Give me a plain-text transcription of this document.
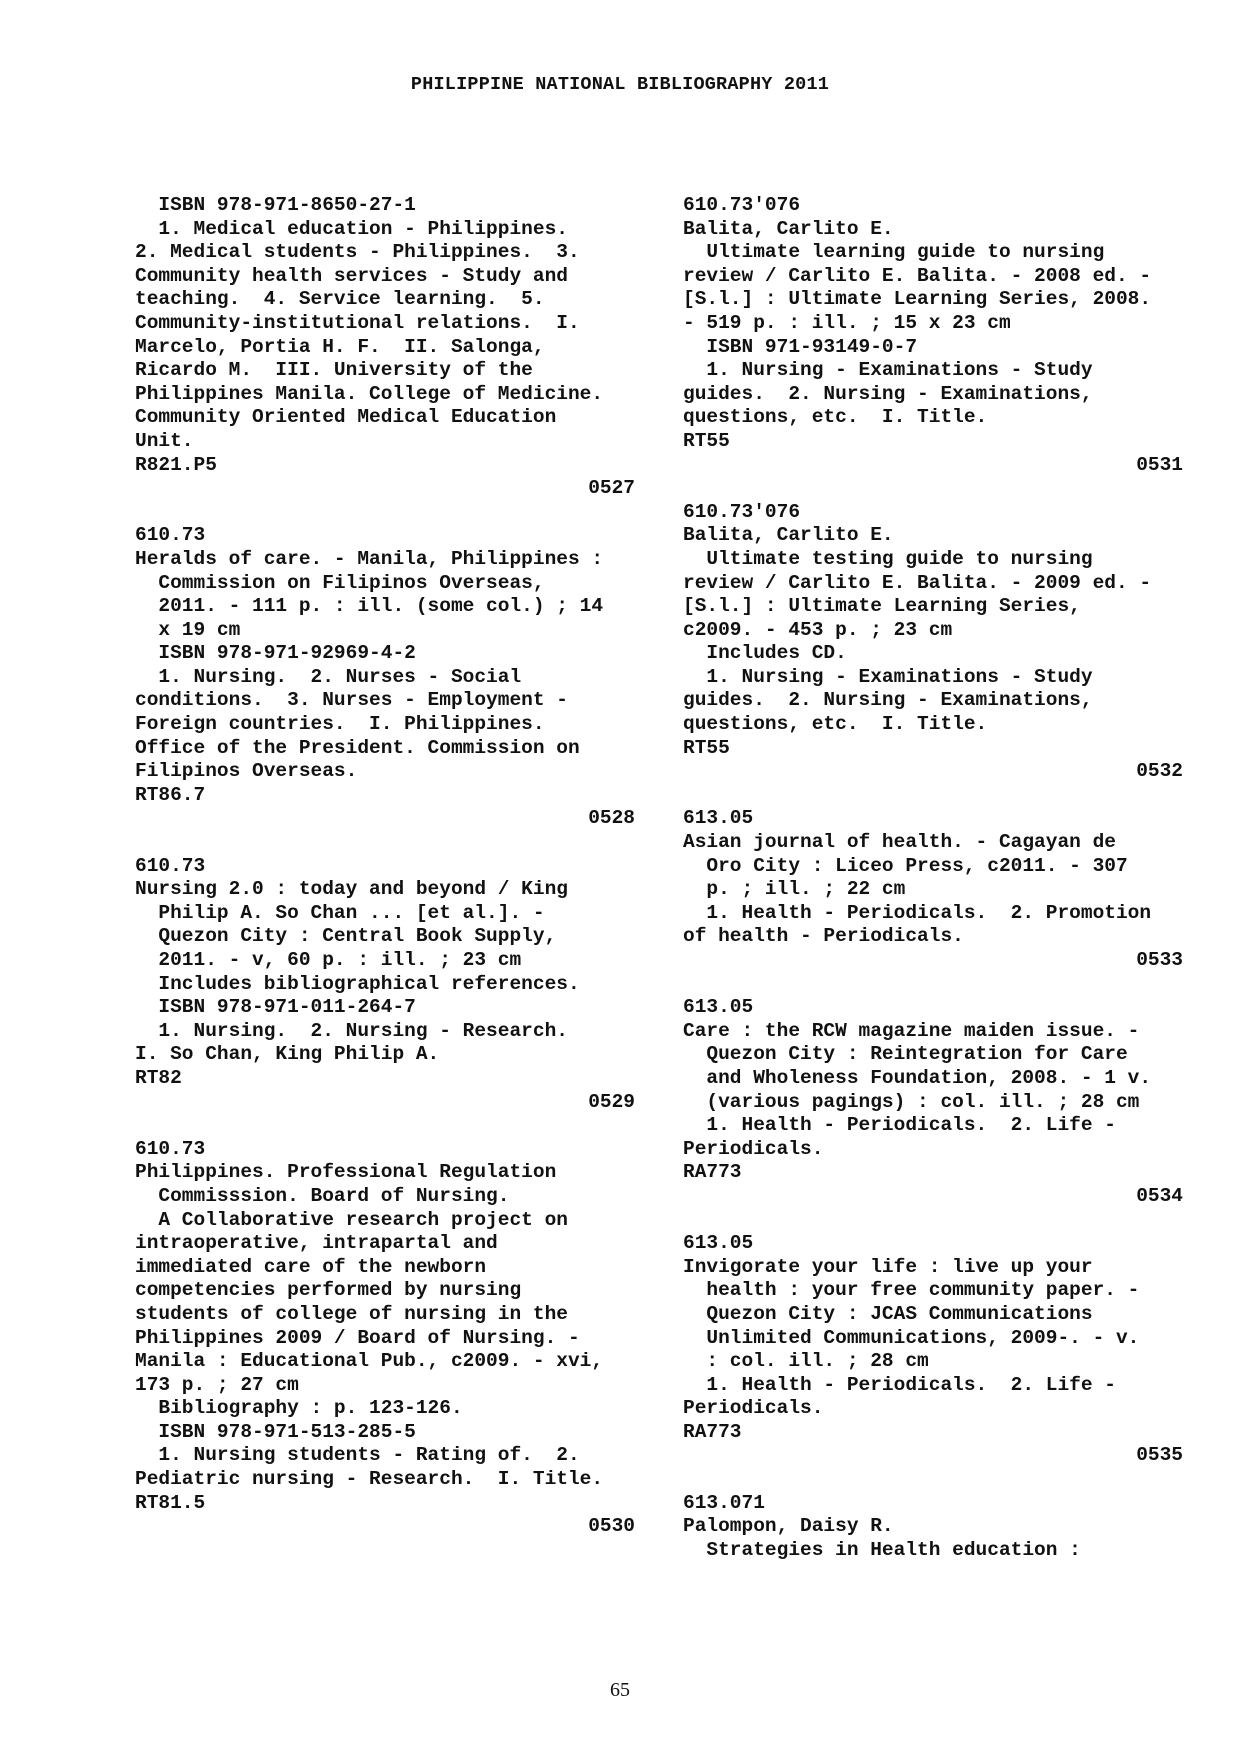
PHILIPPINE NATIONAL BIBLIOGRAPHY 2011
ISBN 978-971-8650-27-1
1. Medical education - Philippines.
2. Medical students - Philippines.  3.
Community health services - Study and
teaching.  4. Service learning.  5.
Community-institutional relations.  I.
Marcelo, Portia H. F.  II. Salonga,
Ricardo M.  III. University of the
Philippines Manila. College of Medicine.
Community Oriented Medical Education
Unit.
R821.P5
0527
610.73
Heralds of care. - Manila, Philippines :
Commission on Filipinos Overseas,
2011. - 111 p. : ill. (some col.) ; 14
x 19 cm
ISBN 978-971-92969-4-2
1. Nursing.  2. Nurses - Social
conditions.  3. Nurses - Employment -
Foreign countries.  I. Philippines.
Office of the President. Commission on
Filipinos Overseas.
RT86.7
0528
610.73
Nursing 2.0 : today and beyond / King
Philip A. So Chan ... [et al.]. -
Quezon City : Central Book Supply,
2011. - v, 60 p. : ill. ; 23 cm
Includes bibliographical references.
ISBN 978-971-011-264-7
1. Nursing.  2. Nursing - Research.
I. So Chan, King Philip A.
RT82
0529
610.73
Philippines. Professional Regulation
Commisssion. Board of Nursing.
A Collaborative research project on
intraoperative, intrapartal and
immediated care of the newborn
competencies performed by nursing
students of college of nursing in the
Philippines 2009 / Board of Nursing. -
Manila : Educational Pub., c2009. - xvi,
173 p. ; 27 cm
Bibliography : p. 123-126.
ISBN 978-971-513-285-5
1. Nursing students - Rating of.  2.
Pediatric nursing - Research.  I. Title.
RT81.5
0530
610.73'076
Balita, Carlito E.
Ultimate learning guide to nursing
review / Carlito E. Balita. - 2008 ed. -
[S.l.] : Ultimate Learning Series, 2008.
- 519 p. : ill. ; 15 x 23 cm
ISBN 971-93149-0-7
1. Nursing - Examinations - Study
guides.  2. Nursing - Examinations,
questions, etc.  I. Title.
RT55
0531
610.73'076
Balita, Carlito E.
Ultimate testing guide to nursing
review / Carlito E. Balita. - 2009 ed. -
[S.l.] : Ultimate Learning Series,
c2009. - 453 p. ; 23 cm
Includes CD.
1. Nursing - Examinations - Study
guides.  2. Nursing - Examinations,
questions, etc.  I. Title.
RT55
0532
613.05
Asian journal of health. - Cagayan de
Oro City : Liceo Press, c2011. - 307
p. ; ill. ; 22 cm
1. Health - Periodicals.  2. Promotion
of health - Periodicals.
0533
613.05
Care : the RCW magazine maiden issue. -
Quezon City : Reintegration for Care
and Wholeness Foundation, 2008. - 1 v.
(various pagings) : col. ill. ; 28 cm
1. Health - Periodicals.  2. Life -
Periodicals.
RA773
0534
613.05
Invigorate your life : live up your
health : your free community paper. -
Quezon City : JCAS Communications
Unlimited Communications, 2009-. - v.
: col. ill. ; 28 cm
1. Health - Periodicals.  2. Life -
Periodicals.
RA773
0535
613.071
Palompon, Daisy R.
Strategies in Health education :
65
